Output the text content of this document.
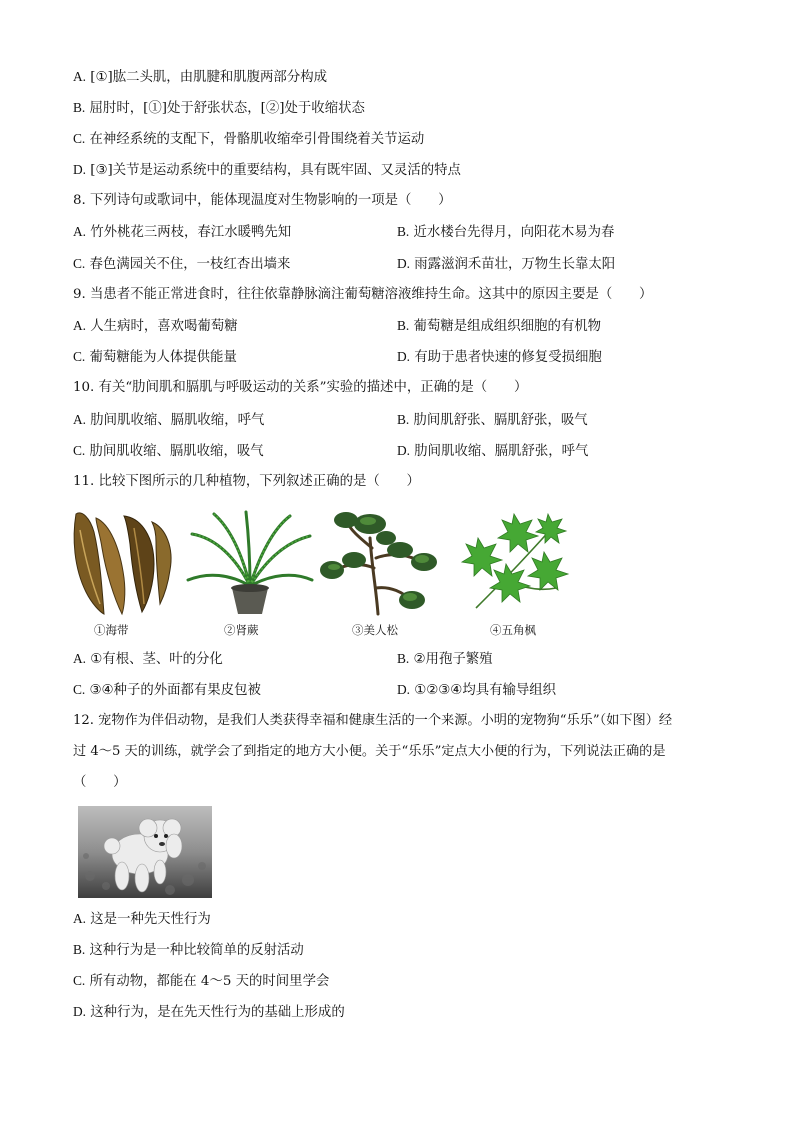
A. [①]肱二头肌，由肌腱和肌腹两部分构成
B. 屈肘时，[①]处于舒张状态，[②]处于收缩状态
C. 在神经系统的支配下，骨骼肌收缩牵引骨围绕着关节运动
D. [③]关节是运动系统中的重要结构，具有既牢固、又灵活的特点
8. 下列诗句或歌词中，能体现温度对生物影响的一项是（　　）
A. 竹外桃花三两枝，春江水暖鸭先知	B. 近水楼台先得月，向阳花木易为春
C. 春色满园关不住，一枝红杏出墙来	D. 雨露滋润禾苗壮，万物生长靠太阳
9. 当患者不能正常进食时，往往依靠静脉滴注葡萄糖溶液维持生命。这其中的原因主要是（　　）
A. 人生病时，喜欢喝葡萄糖	B. 葡萄糖是组成组织细胞的有机物
C. 葡萄糖能为人体提供能量	D. 有助于患者快速的修复受损细胞
10. 有关“肋间肌和膈肌与呼吸运动的关系”实验的描述中，正确的是（　　）
A. 肋间肌收缩、膈肌收缩，呼气	B. 肋间肌舒张、膈肌舒张，吸气
C. 肋间肌收缩、膈肌收缩，吸气	D. 肋间肌收缩、膈肌舒张，呼气
11. 比较下图所示的几种植物，下列叙述正确的是（　　）
①海带	②肾蕨	③美人松	④五角枫
A. ①有根、茎、叶的分化	B. ②用孢子繁殖
C. ③④种子的外面都有果皮包被	D. ①②③④均具有输导组织
12. 宠物作为伴侣动物，是我们人类获得幸福和健康生活的一个来源。小明的宠物狗“乐乐”（如下图）经
过 4～5 天的训练，就学会了到指定的地方大小便。关于“乐乐”定点大小便的行为，下列说法正确的是
（　　）
A. 这是一种先天性行为
B. 这种行为是一种比较简单的反射活动
C. 所有动物，都能在 4～5 天的时间里学会
D. 这种行为，是在先天性行为的基础上形成的
